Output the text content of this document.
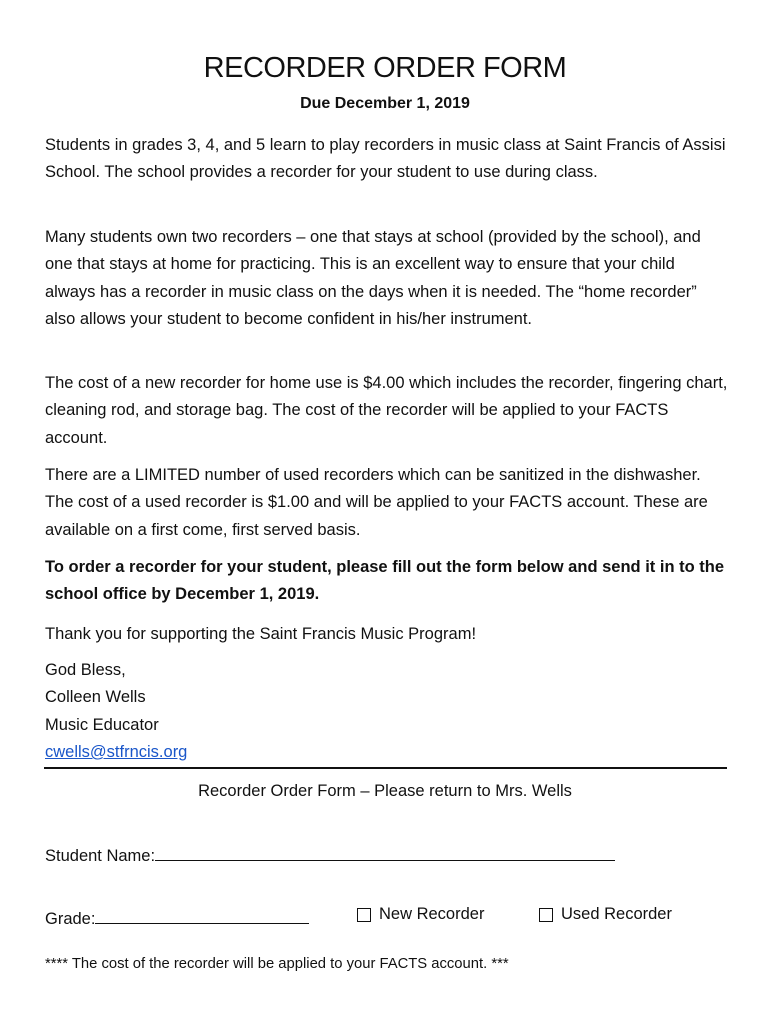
RECORDER ORDER FORM
Due December 1, 2019
Students in grades 3, 4, and 5 learn to play recorders in music class at Saint Francis of Assisi School. The school provides a recorder for your student to use during class.
Many students own two recorders – one that stays at school (provided by the school), and one that stays at home for practicing. This is an excellent way to ensure that your child always has a recorder in music class on the days when it is needed. The “home recorder” also allows your student to become confident in his/her instrument.
The cost of a new recorder for home use is $4.00 which includes the recorder, fingering chart, cleaning rod, and storage bag. The cost of the recorder will be applied to your FACTS account.
There are a LIMITED number of used recorders which can be sanitized in the dishwasher. The cost of a used recorder is $1.00 and will be applied to your FACTS account. These are available on a first come, first served basis.
To order a recorder for your student, please fill out the form below and send it in to the school office by December 1, 2019.
Thank you for supporting the Saint Francis Music Program!
God Bless,
Colleen Wells
Music Educator
cwells@stfrncis.org
Recorder Order Form – Please return to Mrs. Wells
Student Name:
Grade:	New Recorder	Used Recorder
**** The cost of the recorder will be applied to your FACTS account. ***
